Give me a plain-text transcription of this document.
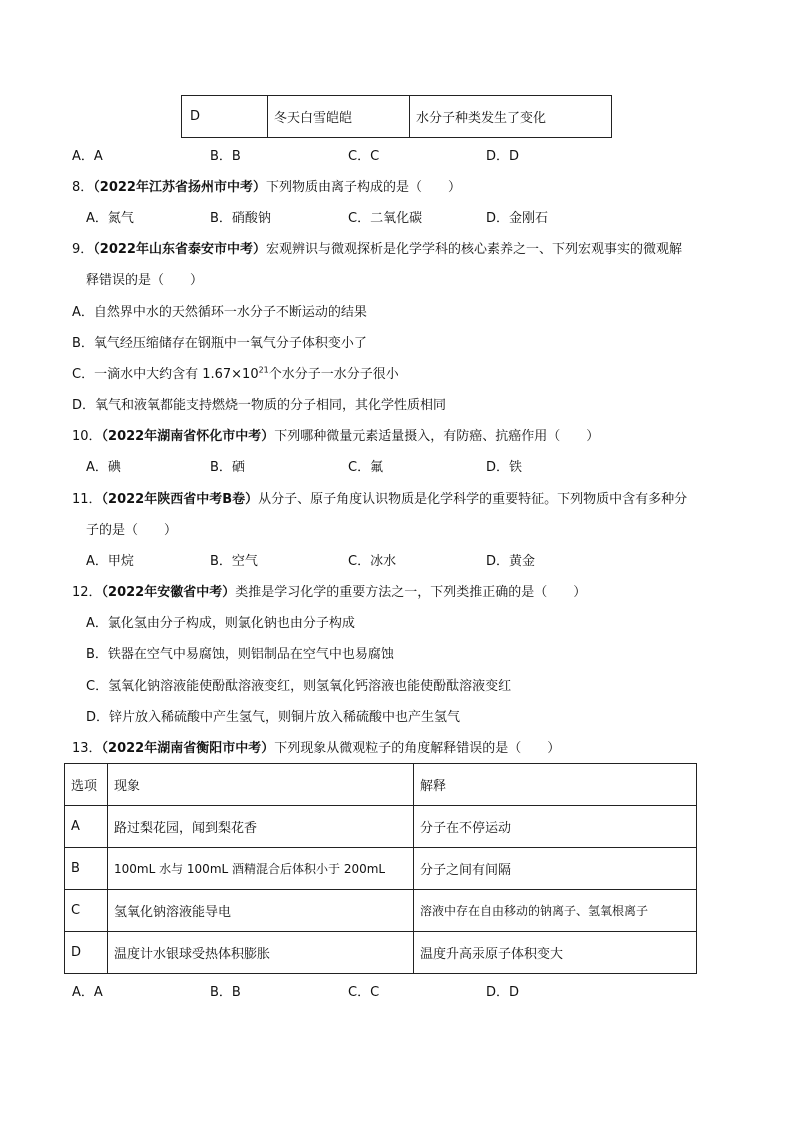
D	冬天白雪皑皑	水分子种类发生了变化
A．A	B．B	C．C	D．D
8．（2022年江苏省扬州市中考）下列物质由离子构成的是（　　）
A．氮气	B．硝酸钠	C．二氧化碳	D．金刚石
9．（2022年山东省泰安市中考）宏观辨识与微观探析是化学学科的核心素养之一、下列宏观事实的微观解
释错误的是（　　）
A．自然界中水的天然循环一水分子不断运动的结果
B．氧气经压缩储存在钢瓶中一氧气分子体积变小了
C．一滴水中大约含有 $1.67\times 10^{21}$个水分子一水分子很小
D．氧气和液氧都能支持燃烧一物质的分子相同，其化学性质相同
10．（2022年湖南省怀化市中考）下列哪种微量元素适量摄入，有防癌、抗癌作用（　　）
A．碘	B．硒	C．氟	D．铁
11．（2022年陕西省中考B卷）从分子、原子角度认识物质是化学科学的重要特征。下列物质中含有多种分
子的是（　　）
A．甲烷	B．空气	C．冰水	D．黄金
12．（2022年安徽省中考）类推是学习化学的重要方法之一，下列类推正确的是（　　）
A．氯化氢由分子构成，则氯化钠也由分子构成
B．铁器在空气中易腐蚀，则铝制品在空气中也易腐蚀
C．氢氧化钠溶液能使酚酞溶液变红，则氢氧化钙溶液也能使酚酞溶液变红
D．锌片放入稀硫酸中产生氢气，则铜片放入稀硫酸中也产生氢气
13．（2022年湖南省衡阳市中考）下列现象从微观粒子的角度解释错误的是（　　）
选项	现象	解释
A	路过梨花园，闻到梨花香	分子在不停运动
B	100mL 水与 100mL 酒精混合后体积小于 200mL	分子之间有间隔
C	氢氧化钠溶液能导电	溶液中存在自由移动的钠离子、氢氧根离子
D	温度计水银球受热体积膨胀	温度升高汞原子体积变大
A．A	B．B	C．C	D．D
